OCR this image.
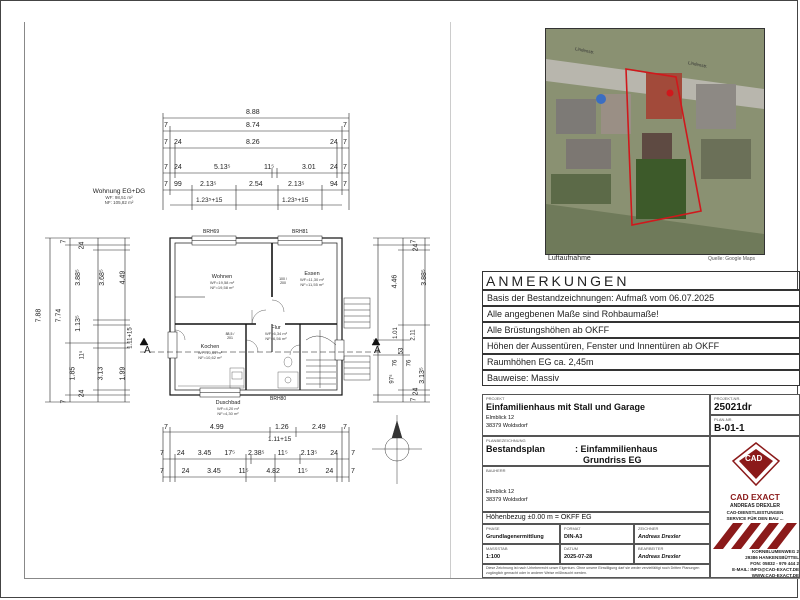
Wohnung EG+DG
WF: 98,51 m²
NF: 105,82 m²
8.88
7	8.74	7
7 24	8.26	24 7
7 24	5.13⁵	11⁵	3.01 24 7
7 99	2.13⁵	2.54	2.13⁵	94 7
1.23⁵+15	1.23⁵+15
7	4.99	1.26	2.49 7
1.11+15
7 24 3.45 17⁵ 2.38⁵ 11⁵ 2.13⁵ 24 7
7	24	3.45	11⁵	4.82	11⁵	24	7
7.88 7.74
7
24
3.88⁵ 3.68⁵ 4.49
11⁵
1.13⁵
1.85	3.13 1.99
24
7
1.11+15
7
24
3.88⁵
4.46
1.01 2.11
3.13⁵
97⁵
76
53
76
24
7
A	A
BRH69	BRH81
BRH80
100 / 200
88,5 / 201
Wohnen
WF=19,58 m²
NF=19,58 m²
Essen
WF=11,30 m²
NF=11,55 m²
Flur
WF=6,34 m²
NF=6,56 m²
Kochen
WF=10,64 m²
NF=10,62 m²
Duschbad
WF=4,20 m²
NF=4,30 m²
Lindenstr.
Lindenstr.
Luftaufnahme	Quelle: Google Maps
ANMERKUNGEN
Basis der Bestandzeichnungen: Aufmaß vom 06.07.2025
Alle angegbenen Maße sind Rohbaumaße!
Alle Brüstungshöhen ab OKFF
Höhen der Aussentüren, Fenster und Innentüren ab OKFF
Raumhöhen EG ca. 2,45m
Bauweise: Massiv
PROJEKT
Einfamilienhaus mit Stall und Garage
Elmblick 12
38379 Woldsdorf
PROJEKT-NR.
25021dr
PLAN-NR.
B-01-1
PLANBEZEICHNUNG
Bestandsplan	: Einfammilienhaus
Grundriss EG
BAUHERR
Elmblick 12
38379 Woldsdorf
Höhenbezug ±0.00 m = OKFF EG
PHASE
Grundlagenermittlung
FORMAT
DIN-A3
ZEICHNER
Andreas Drexler
MASSSTAB
1:100
DATUM
2025-07-28
BEARBEITER
Andreas Drexler
Diese Zeichnung ist nach Urheberrecht unser Eigentum. Ohne unsere Einwilligung darf sie weder vervielfältigt noch Dritten Planungen zugänglich gemacht oder in anderer Weise mißbraucht werden.
CAD
CAD EXACT
ANDREAS DREXLER
CAD-DIENSTLEISTUNGEN
SERVICE FÜR DEN BAU ...
KORNBLUMENWEG 2
29386 HANKENSBÜTTEL
FON: 05832 - 979 444 2
E-MAIL: INFO@CAD-EXACT.DE
WWW.CAD-EXACT.DE
